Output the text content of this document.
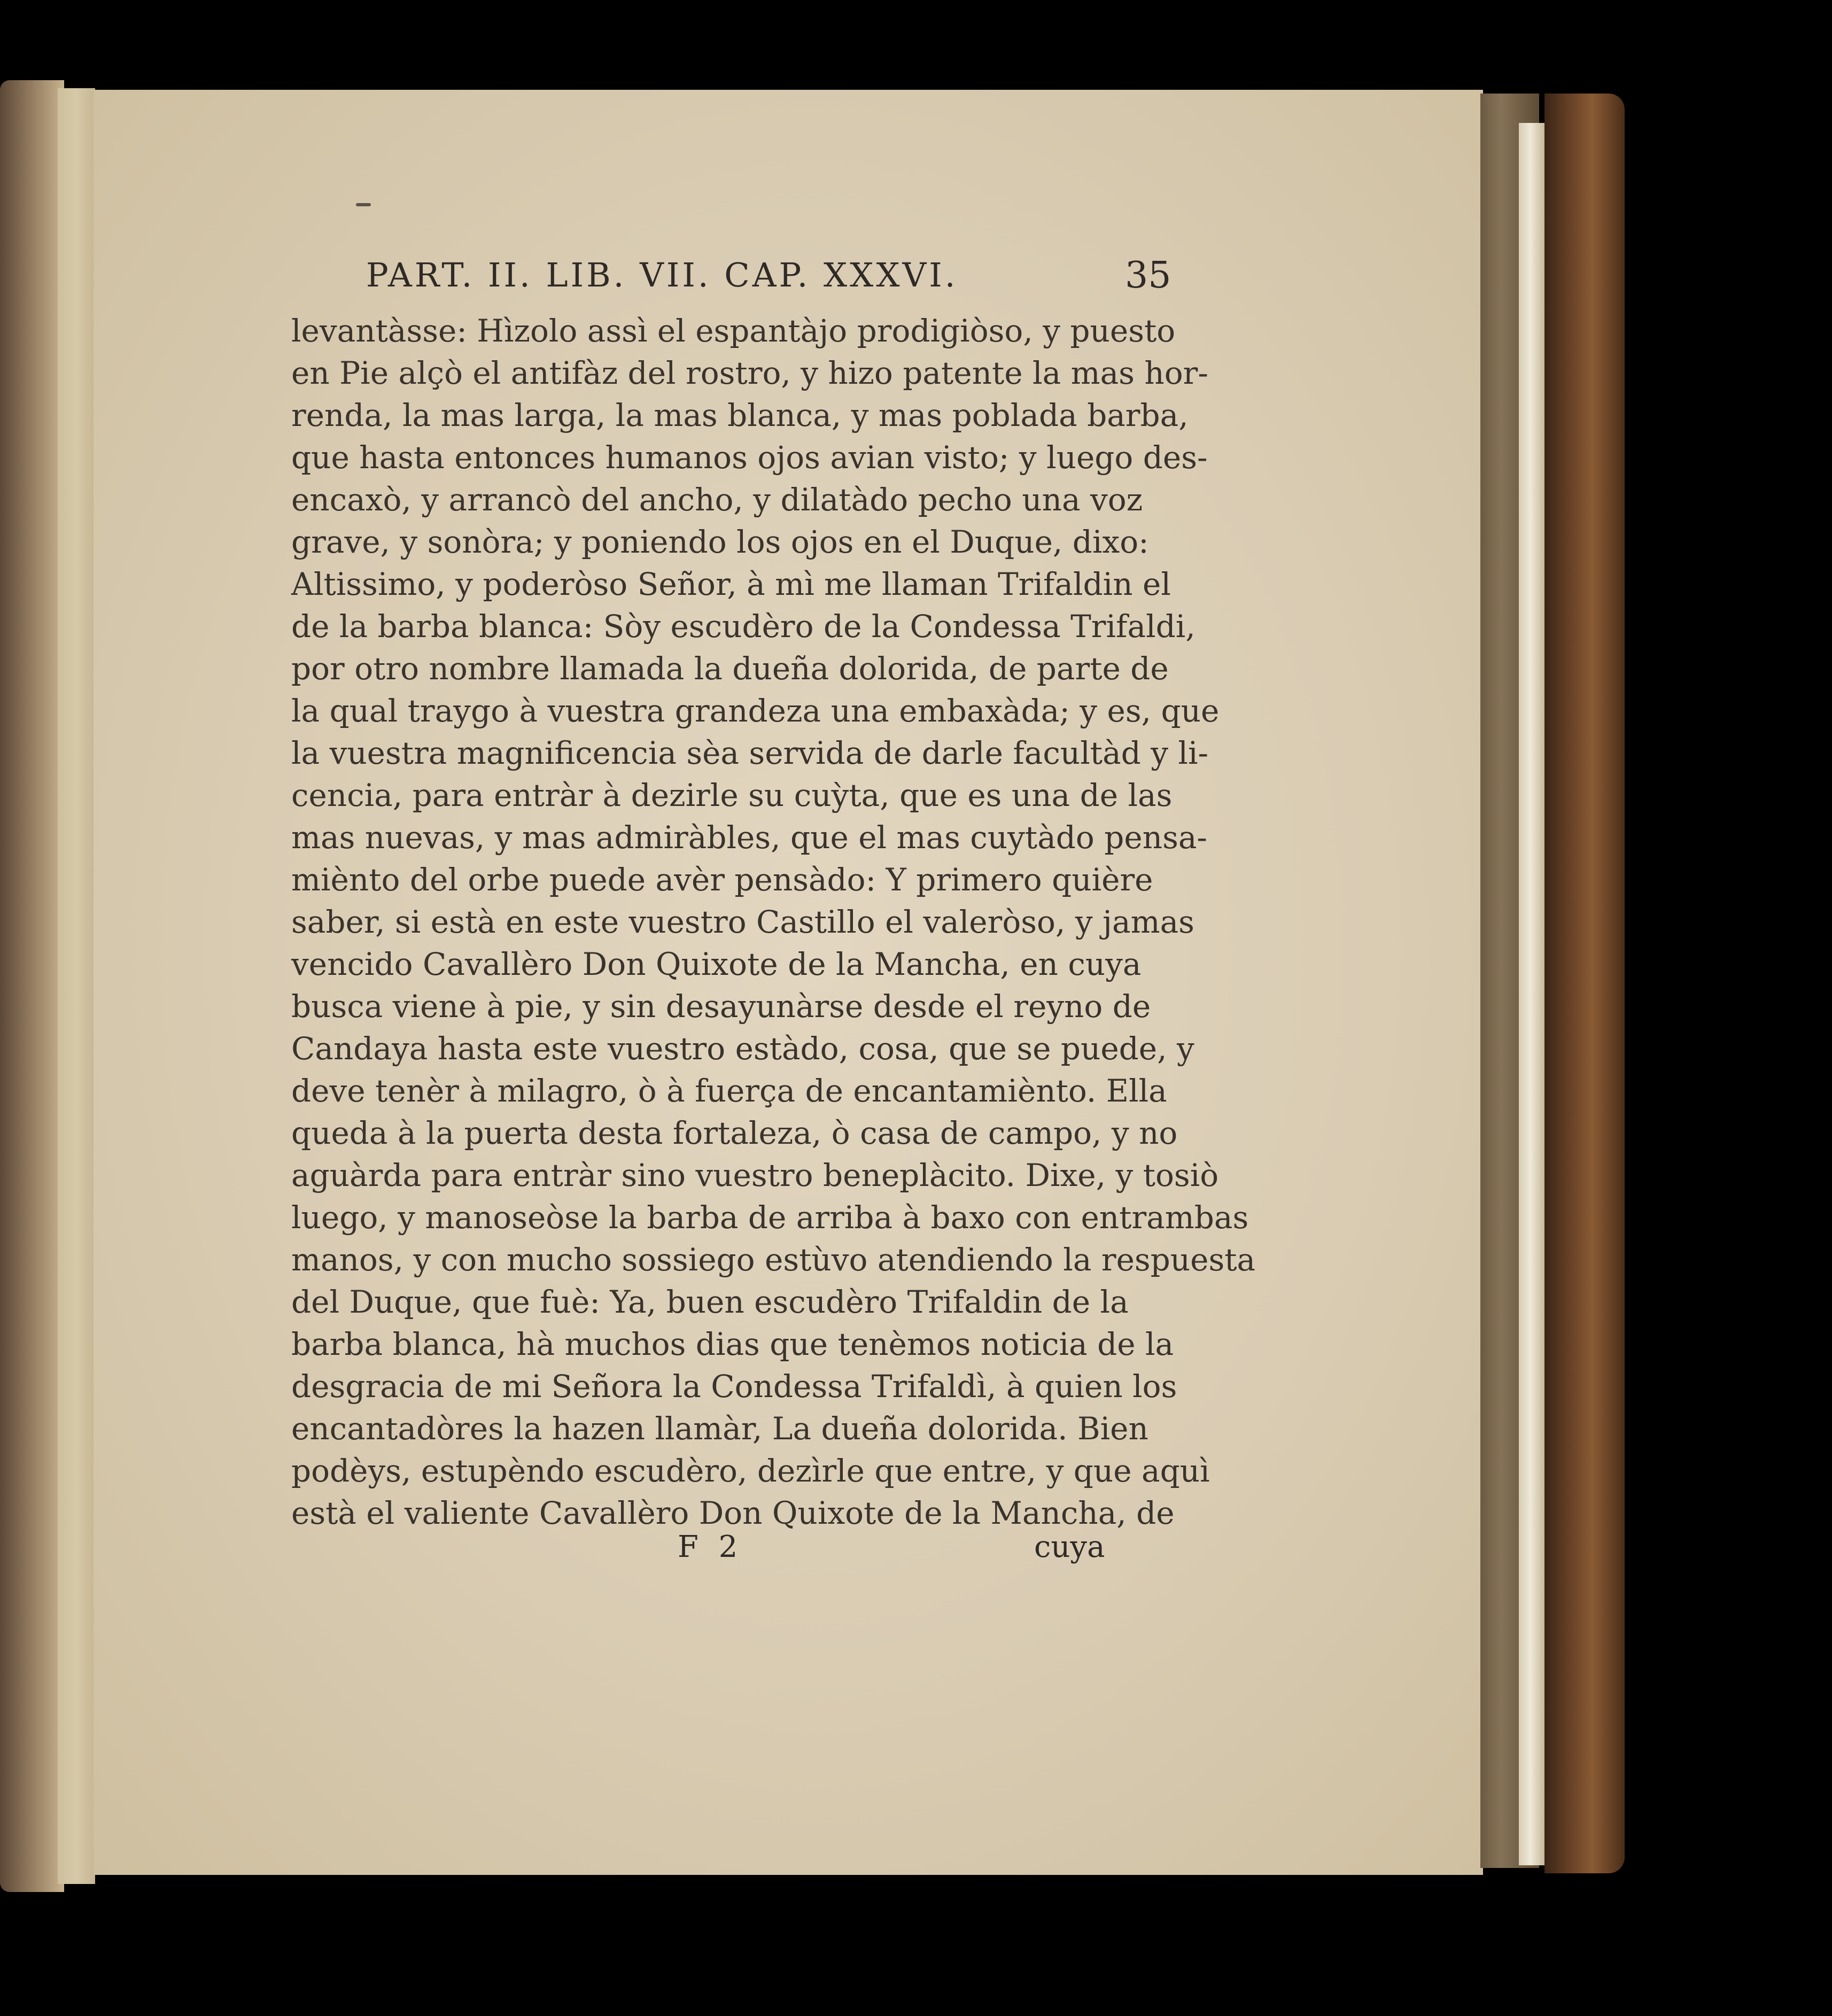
PART. II. LIB. VII. CAP. XXXVI.	35
levantàsse: Hìzolo assì el espantàjo prodigiòso, y puesto
en Pie alçò el antifàz del rostro, y hizo patente la mas hor-
renda, la mas larga, la mas blanca, y mas poblada barba,
que hasta entonces humanos ojos avian visto; y luego des-
encaxò, y arrancò del ancho, y dilatàdo pecho una voz
grave, y sonòra; y poniendo los ojos en el Duque, dixo:
Altissimo, y poderòso Señor, à mì me llaman Trifaldin el
de la barba blanca: Sòy escudèro de la Condessa Trifaldi,
por otro nombre llamada la dueña dolorida, de parte de
la qual traygo à vuestra grandeza una embaxàda; y es, que
la vuestra magnificencia sèa servida de darle facultàd y li-
cencia, para entràr à dezirle su cuỳta, que es una de las
mas nuevas, y mas admiràbles, que el mas cuytàdo pensa-
miènto del orbe puede avèr pensàdo: Y primero quière
saber, si està en este vuestro Castillo el valeròso, y jamas
vencido Cavallèro Don Quixote de la Mancha, en cuya
busca viene à pie, y sin desayunàrse desde el reyno de
Candaya hasta este vuestro estàdo, cosa, que se puede, y
deve tenèr à milagro, ò à fuerça de encantamiènto. Ella
queda à la puerta desta fortaleza, ò casa de campo, y no
aguàrda para entràr sino vuestro beneplàcito. Dixe, y tosiò
luego, y manoseòse la barba de arriba à baxo con entrambas
manos, y con mucho sossiego estùvo atendiendo la respuesta
del Duque, que fuè: Ya, buen escudèro Trifaldin de la
barba blanca, hà muchos dias que tenèmos noticia de la
desgracia de mi Señora la Condessa Trifaldì, à quien los
encantadòres la hazen llamàr, La dueña dolorida. Bien
podèys, estupèndo escudèro, dezìrle que entre, y que aquì
està el valiente Cavallèro Don Quixote de la Mancha, de
F 2	cuya
